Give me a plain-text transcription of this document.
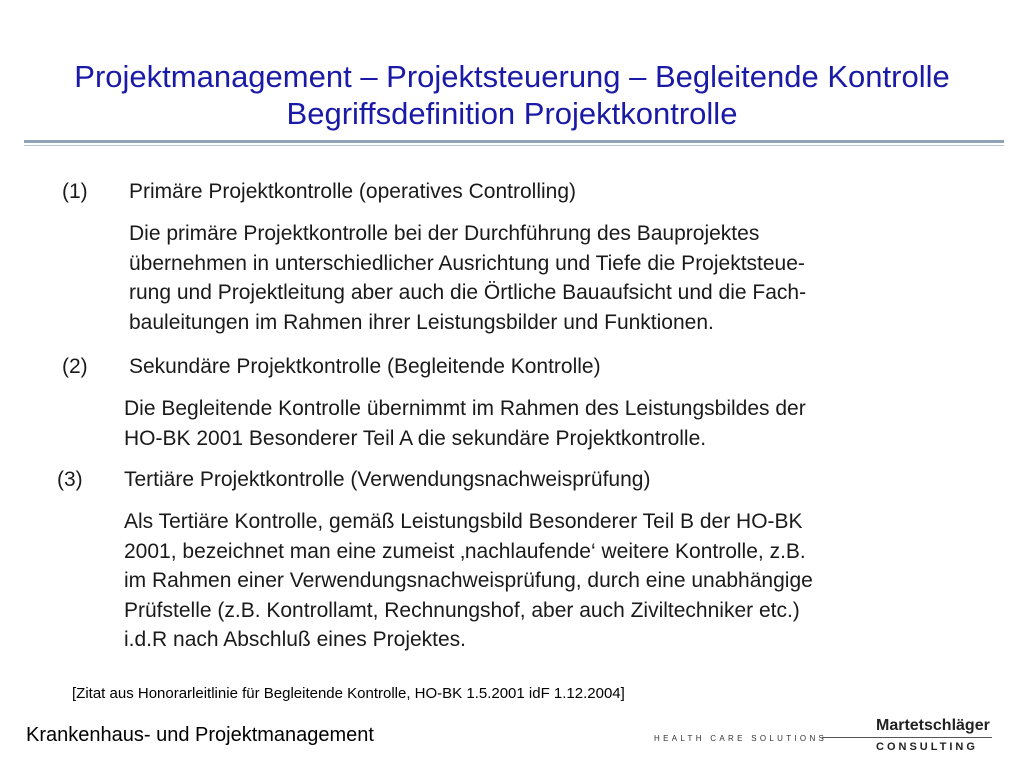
Projektmanagement – Projektsteuerung – Begleitende Kontrolle
Begriffsdefinition Projektkontrolle
(1) Primäre Projektkontrolle (operatives Controlling)
Die primäre Projektkontrolle bei der Durchführung des Bauprojektes
übernehmen in unterschiedlicher Ausrichtung und Tiefe die Projektsteue-
rung und Projektleitung aber auch die Örtliche Bauaufsicht und die Fach-
bauleitungen im Rahmen ihrer Leistungsbilder und Funktionen.
(2) Sekundäre Projektkontrolle (Begleitende Kontrolle)
Die Begleitende Kontrolle übernimmt im Rahmen des Leistungsbildes der
HO-BK 2001 Besonderer Teil A die sekundäre Projektkontrolle.
(3) Tertiäre Projektkontrolle (Verwendungsnachweisprüfung)
Als Tertiäre Kontrolle, gemäß Leistungsbild Besonderer Teil B der HO-BK
2001, bezeichnet man eine zumeist ‚nachlaufende‘ weitere Kontrolle, z.B.
im Rahmen einer Verwendungsnachweisprüfung, durch eine unabhängige
Prüfstelle (z.B. Kontrollamt, Rechnungshof, aber auch Ziviltechniker etc.)
i.d.R nach Abschluß eines Projektes.
[Zitat aus Honorarleitlinie für Begleitende Kontrolle, HO-BK 1.5.2001 idF 1.12.2004]
Krankenhaus- und Projektmanagement	HEALTH CARE SOLUTIONS
Martetschläger
CONSULTING
